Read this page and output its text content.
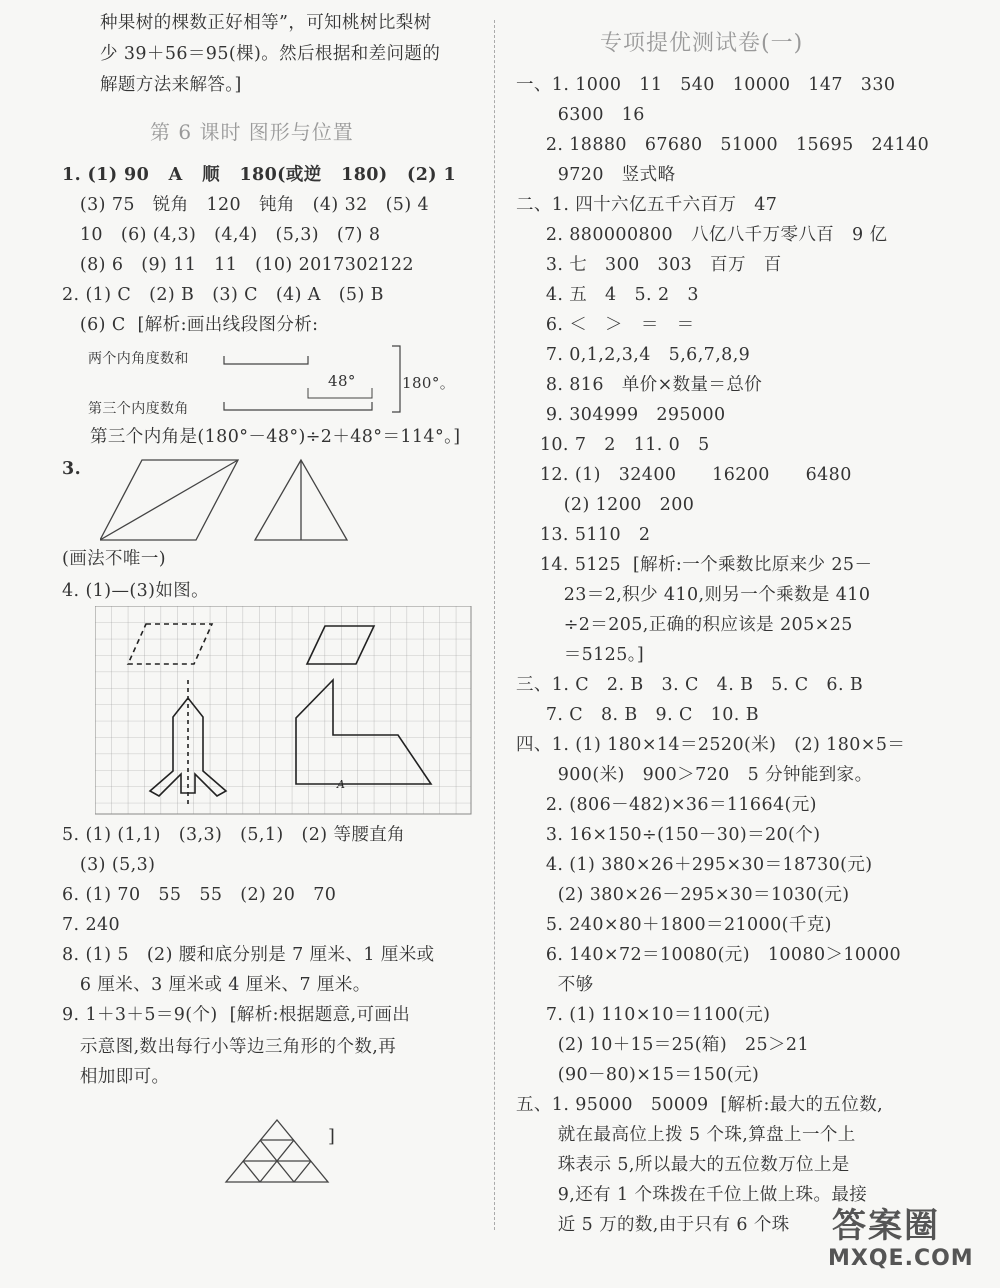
种果树的棵数正好相等”，可知桃树比梨树
少 39＋56＝95(棵)。然后根据和差问题的
解题方法来解答。]
第 6 课时 图形与位置
1. (1) 90   A   顺   180(或逆   180)   (2) 1
(3) 75   锐角   120   钝角   (4) 32   (5) 4
10   (6) (4,3)   (4,4)   (5,3)   (7) 8
(8) 6   (9) 11   11   (10) 2017302122
2. (1) C   (2) B   (3) C   (4) A   (5) B
(6) C  [解析:画出线段图分析:
两个内角度数和
第三个内度数角
48°	180°。
第三个内角是(180°－48°)÷2＋48°＝114°。]
3.
(画法不唯一)
4. (1)—(3)如图。
A
5. (1) (1,1)   (3,3)   (5,1)   (2) 等腰直角
(3) (5,3)
6. (1) 70   55   55   (2) 20   70
7. 240
8. (1) 5   (2) 腰和底分别是 7 厘米、1 厘米或
6 厘米、3 厘米或 4 厘米、7 厘米。
9. 1＋3＋5＝9(个)  [解析:根据题意,可画出
示意图,数出每行小等边三角形的个数,再
相加即可。
]
专项提优测试卷(一)
一、1. 1000   11   540   10000   147   330
6300   16
2. 18880   67680   51000   15695   24140
9720   竖式略
二、1. 四十六亿五千六百万   47
2. 880000800   八亿八千万零八百   9 亿
3. 七   300   303   百万   百
4. 五   4   5. 2   3
6. ＜   ＞   ＝   ＝
7. 0,1,2,3,4   5,6,7,8,9
8. 816   单价×数量＝总价
9. 304999   295000
10. 7   2   11. 0   5
12. (1)   32400      16200      6480
(2) 1200   200
13. 5110   2
14. 5125  [解析:一个乘数比原来少 25－
23＝2,积少 410,则另一个乘数是 410
÷2＝205,正确的积应该是 205×25
＝5125。]
三、1. C   2. B   3. C   4. B   5. C   6. B
7. C   8. B   9. C   10. B
四、1. (1) 180×14＝2520(米)   (2) 180×5＝
900(米)   900＞720   5 分钟能到家。
2. (806－482)×36＝11664(元)
3. 16×150÷(150－30)＝20(个)
4. (1) 380×26＋295×30＝18730(元)
(2) 380×26－295×30＝1030(元)
5. 240×80＋1800＝21000(千克)
6. 140×72＝10080(元)   10080＞10000
不够
7. (1) 110×10＝1100(元)
(2) 10＋15＝25(箱)   25＞21
(90－80)×15＝150(元)
五、1. 95000   50009  [解析:最大的五位数,
就在最高位上拨 5 个珠,算盘上一个上
珠表示 5,所以最大的五位数万位上是
9,还有 1 个珠拨在千位上做上珠。最接
近 5 万的数,由于只有 6 个珠 答案圈
MXQE.COM
